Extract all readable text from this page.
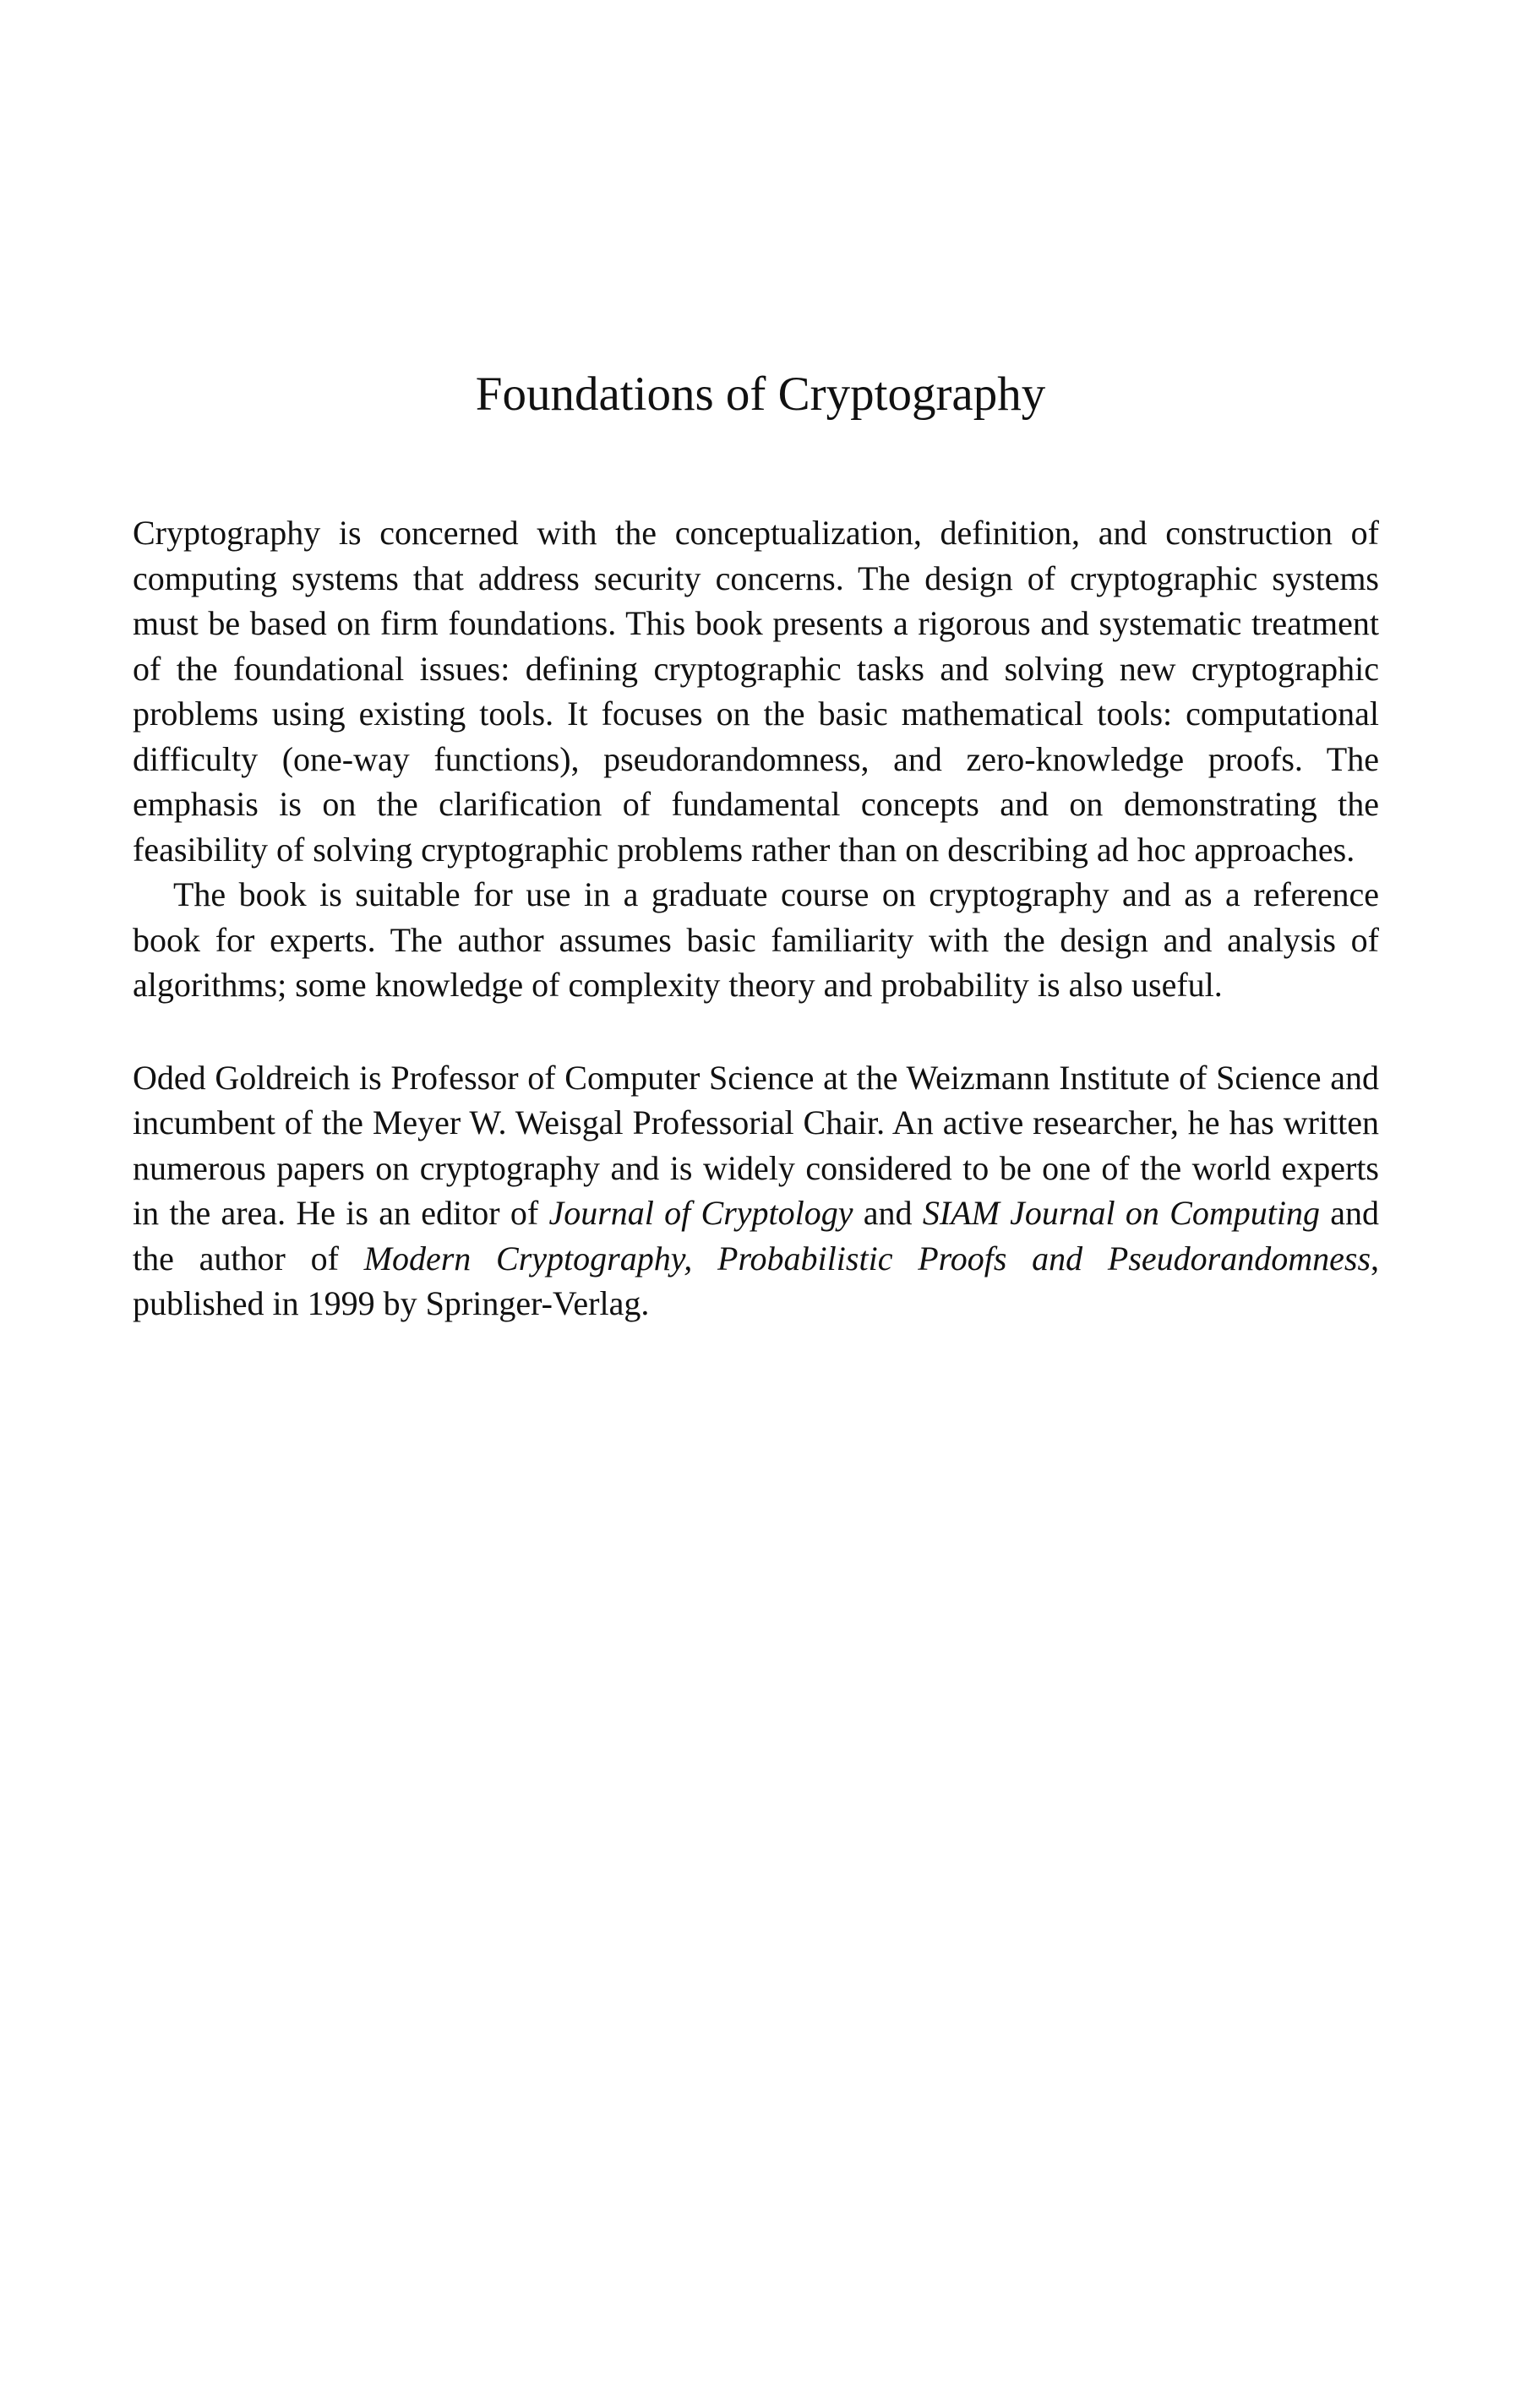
Foundations of Cryptography

Cryptography is concerned with the conceptualization, definition, and construction of computing systems that address security concerns. The design of cryptographic systems must be based on firm foundations. This book presents a rigorous and systematic treatment of the foundational issues: defining cryptographic tasks and solving new cryptographic problems using existing tools. It focuses on the basic mathematical tools: computational difficulty (one-way functions), pseudorandomness, and zero-knowledge proofs. The emphasis is on the clarification of fundamental concepts and on demonstrating the feasibility of solving cryptographic problems rather than on describing ad hoc approaches.

The book is suitable for use in a graduate course on cryptography and as a reference book for experts. The author assumes basic familiarity with the design and analysis of algorithms; some knowledge of complexity theory and probability is also useful.

Oded Goldreich is Professor of Computer Science at the Weizmann Institute of Science and incumbent of the Meyer W. Weisgal Professorial Chair. An active researcher, he has written numerous papers on cryptography and is widely considered to be one of the world experts in the area. He is an editor of Journal of Cryptology and SIAM Journal on Computing and the author of Modern Cryptography, Probabilistic Proofs and Pseudorandomness, published in 1999 by Springer-Verlag.
